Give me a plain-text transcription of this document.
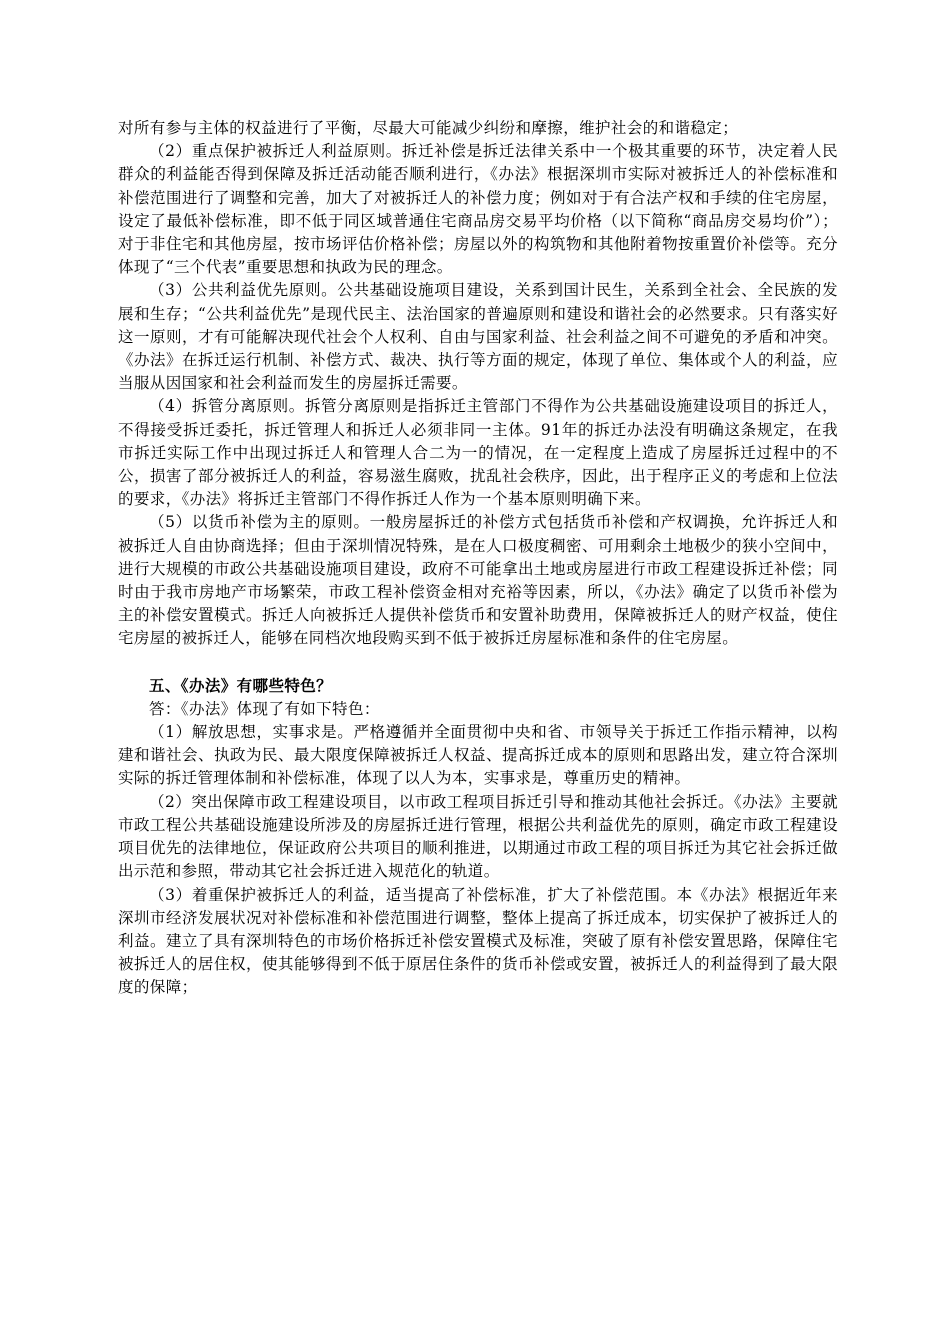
对所有参与主体的权益进行了平衡，尽最大可能减少纠纷和摩擦，维护社会的和谐稳定；

（2）重点保护被拆迁人利益原则。拆迁补偿是拆迁法律关系中一个极其重要的环节，决定着人民群众的利益能否得到保障及拆迁活动能否顺利进行，《办法》根据深圳市实际对被拆迁人的补偿标准和补偿范围进行了调整和完善，加大了对被拆迁人的补偿力度；例如对于有合法产权和手续的住宅房屋，设定了最低补偿标准，即不低于同区域普通住宅商品房交易平均价格（以下简称“商品房交易均价”）；对于非住宅和其他房屋，按市场评估价格补偿；房屋以外的构筑物和其他附着物按重置价补偿等。充分体现了“三个代表”重要思想和执政为民的理念。

（3）公共利益优先原则。公共基础设施项目建设，关系到国计民生，关系到全社会、全民族的发展和生存；“公共利益优先”是现代民主、法治国家的普遍原则和建设和谐社会的必然要求。只有落实好这一原则，才有可能解决现代社会个人权利、自由与国家利益、社会利益之间不可避免的矛盾和冲突。《办法》在拆迁运行机制、补偿方式、裁决、执行等方面的规定，体现了单位、集体或个人的利益，应当服从因国家和社会利益而发生的房屋拆迁需要。

（4）拆管分离原则。拆管分离原则是指拆迁主管部门不得作为公共基础设施建设项目的拆迁人，不得接受拆迁委托，拆迁管理人和拆迁人必须非同一主体。91年的拆迁办法没有明确这条规定，在我市拆迁实际工作中出现过拆迁人和管理人合二为一的情况，在一定程度上造成了房屋拆迁过程中的不公，损害了部分被拆迁人的利益，容易滋生腐败，扰乱社会秩序，因此，出于程序正义的考虑和上位法的要求，《办法》将拆迁主管部门不得作拆迁人作为一个基本原则明确下来。

（5）以货币补偿为主的原则。一般房屋拆迁的补偿方式包括货币补偿和产权调换，允许拆迁人和被拆迁人自由协商选择；但由于深圳情况特殊，是在人口极度稠密、可用剩余土地极少的狭小空间中，进行大规模的市政公共基础设施项目建设，政府不可能拿出土地或房屋进行市政工程建设拆迁补偿；同时由于我市房地产市场繁荣，市政工程补偿资金相对充裕等因素，所以，《办法》确定了以货币补偿为主的补偿安置模式。拆迁人向被拆迁人提供补偿货币和安置补助费用，保障被拆迁人的财产权益，使住宅房屋的被拆迁人，能够在同档次地段购买到不低于被拆迁房屋标准和条件的住宅房屋。

五、《办法》有哪些特色？

答：《办法》体现了有如下特色：

（1）解放思想，实事求是。严格遵循并全面贯彻中央和省、市领导关于拆迁工作指示精神，以构建和谐社会、执政为民、最大限度保障被拆迁人权益、提高拆迁成本的原则和思路出发，建立符合深圳实际的拆迁管理体制和补偿标准，体现了以人为本，实事求是，尊重历史的精神。

（2）突出保障市政工程建设项目，以市政工程项目拆迁引导和推动其他社会拆迁。《办法》主要就市政工程公共基础设施建设所涉及的房屋拆迁进行管理，根据公共利益优先的原则，确定市政工程建设项目优先的法律地位，保证政府公共项目的顺利推进，以期通过市政工程的项目拆迁为其它社会拆迁做出示范和参照，带动其它社会拆迁进入规范化的轨道。

（3）着重保护被拆迁人的利益，适当提高了补偿标准，扩大了补偿范围。本《办法》根据近年来深圳市经济发展状况对补偿标准和补偿范围进行调整，整体上提高了拆迁成本，切实保护了被拆迁人的利益。建立了具有深圳特色的市场价格拆迁补偿安置模式及标准，突破了原有补偿安置思路，保障住宅被拆迁人的居住权，使其能够得到不低于原居住条件的货币补偿或安置，被拆迁人的利益得到了最大限度的保障；
